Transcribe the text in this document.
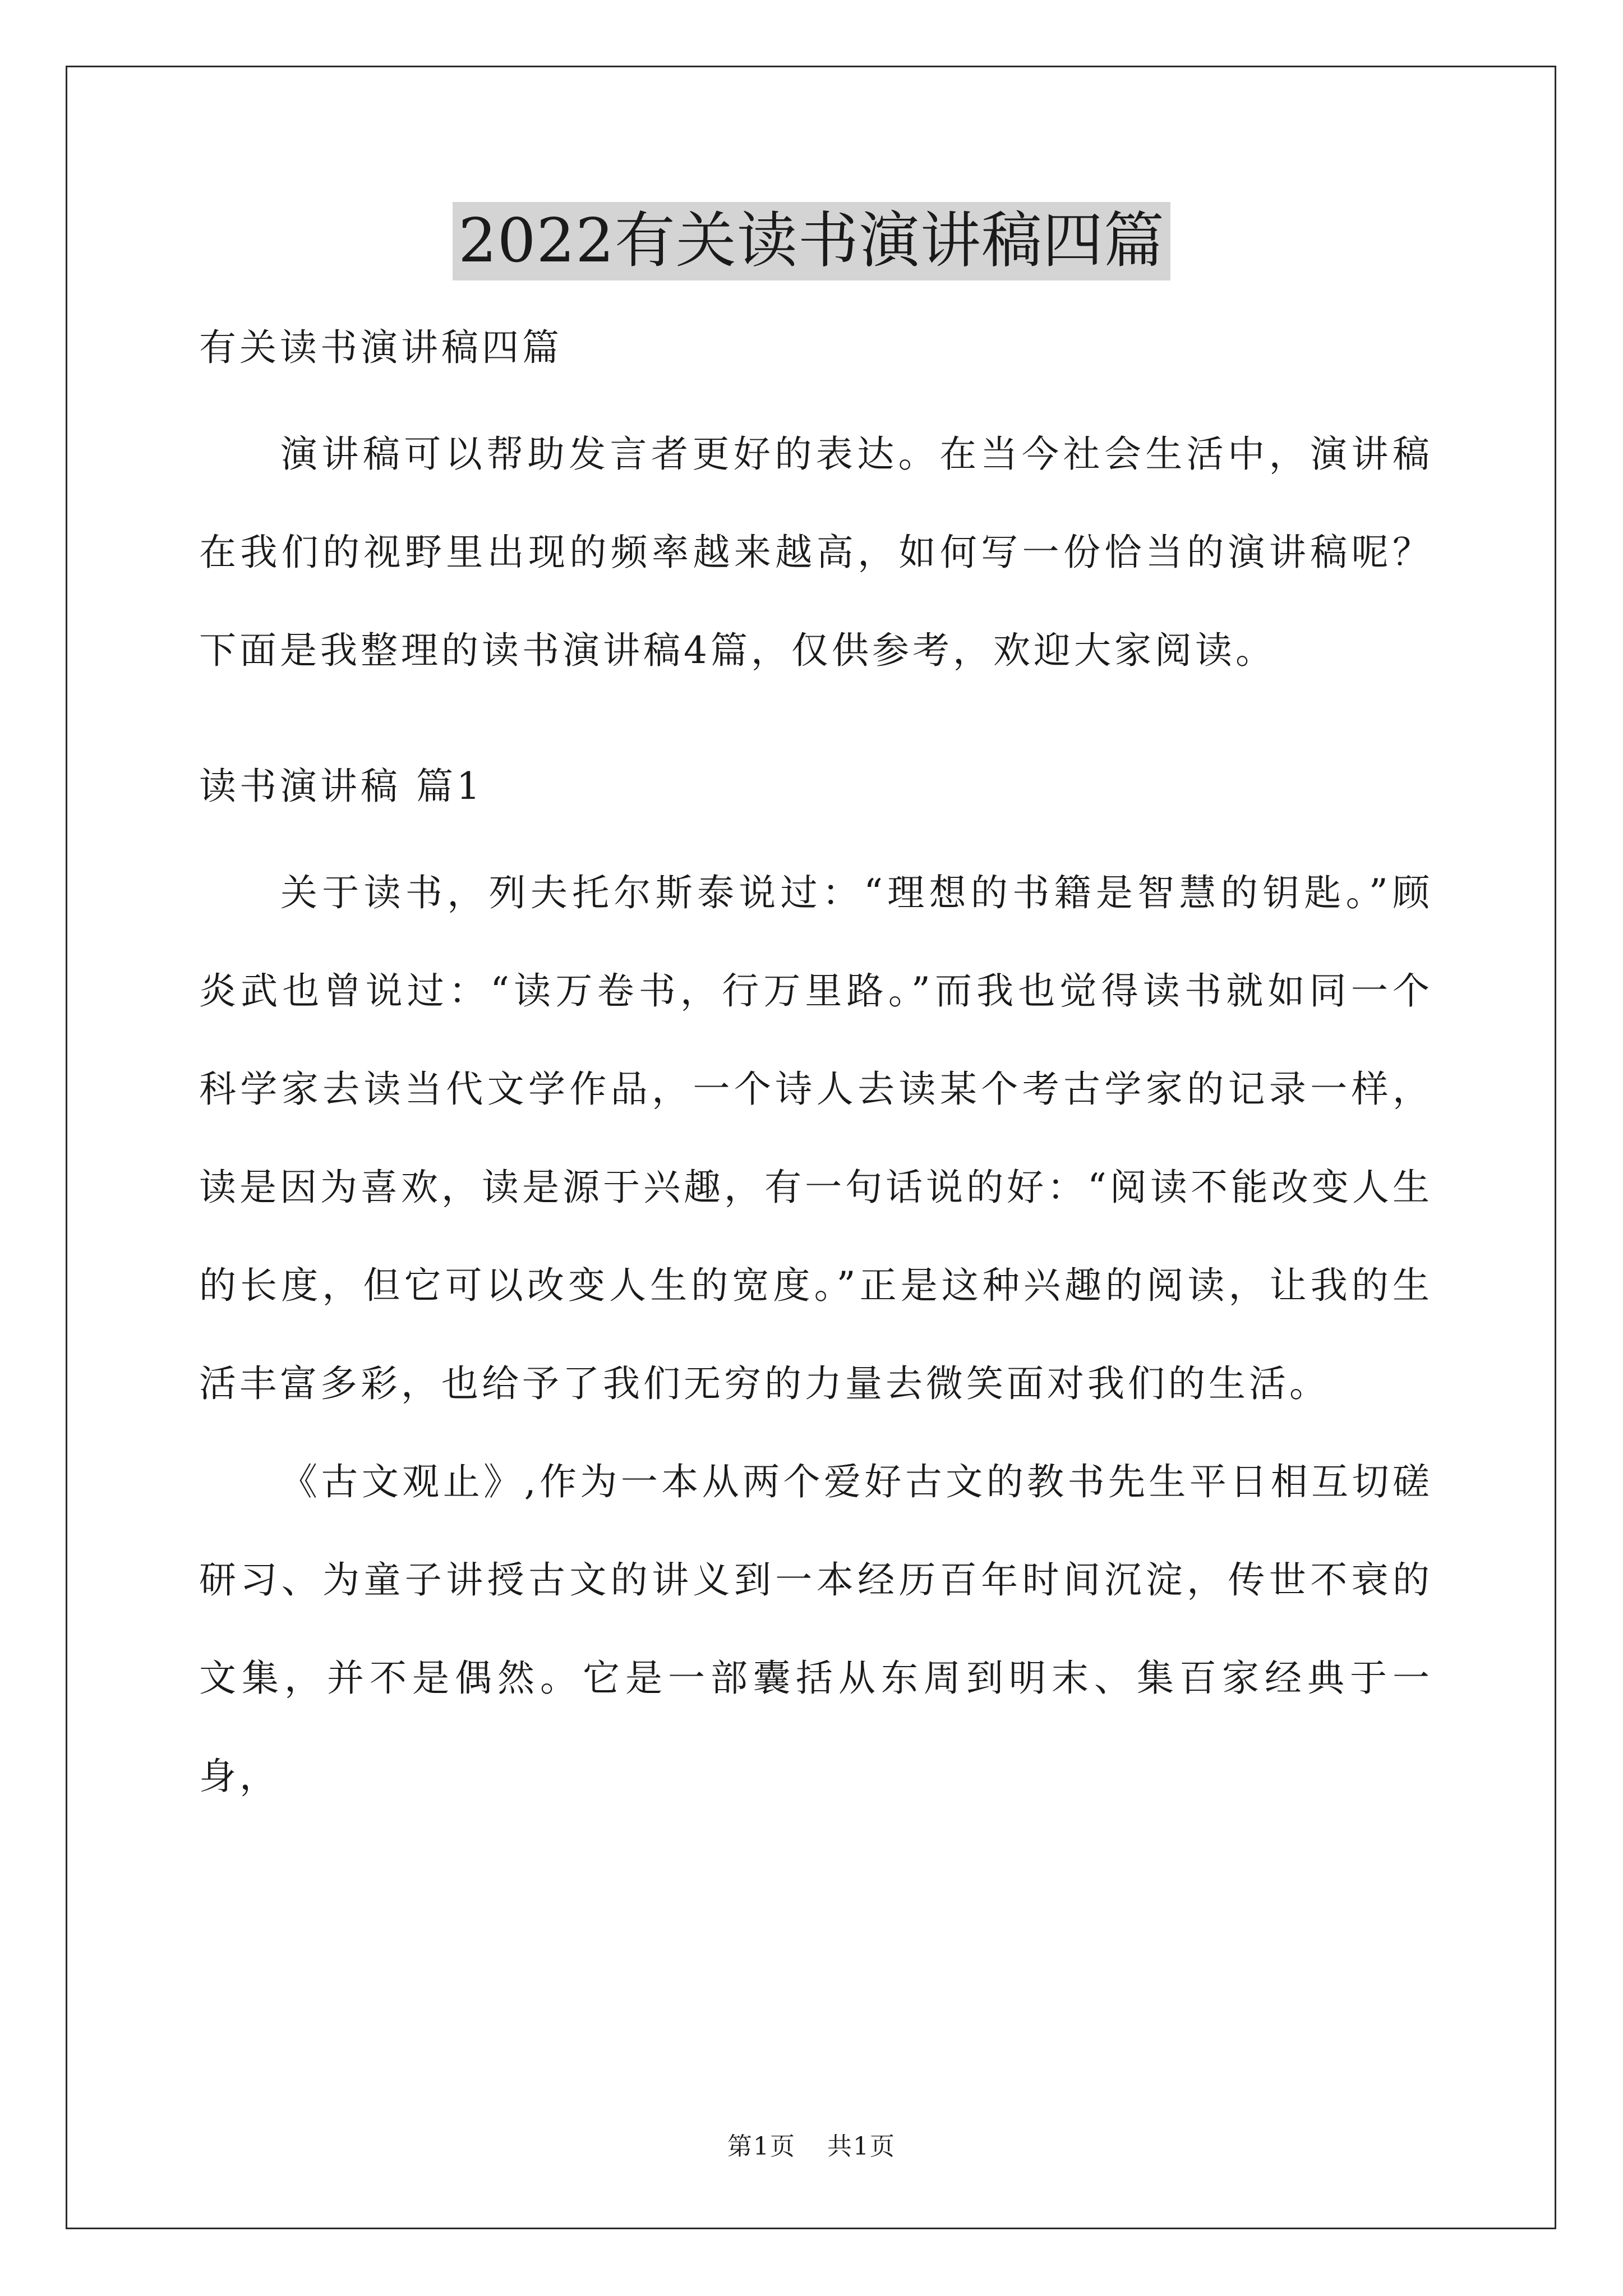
2022有关读书演讲稿四篇

有关读书演讲稿四篇

演讲稿可以帮助发言者更好的表达。在当今社会生活中，演讲稿在我们的视野里出现的频率越来越高，如何写一份恰当的演讲稿呢？下面是我整理的读书演讲稿4篇，仅供参考，欢迎大家阅读。

读书演讲稿 篇1

关于读书，列夫托尔斯泰说过：“理想的书籍是智慧的钥匙。”顾炎武也曾说过：“读万卷书，行万里路。”而我也觉得读书就如同一个科学家去读当代文学作品，一个诗人去读某个考古学家的记录一样，读是因为喜欢，读是源于兴趣，有一句话说的好：“阅读不能改变人生的长度，但它可以改变人生的宽度。”正是这种兴趣的阅读，让我的生活丰富多彩，也给予了我们无穷的力量去微笑面对我们的生活。

《古文观止》,作为一本从两个爱好古文的教书先生平日相互切磋研习、为童子讲授古文的讲义到一本经历百年时间沉淀，传世不衰的文集，并不是偶然。它是一部囊括从东周到明末、集百家经典于一身，

第1页 共1页
